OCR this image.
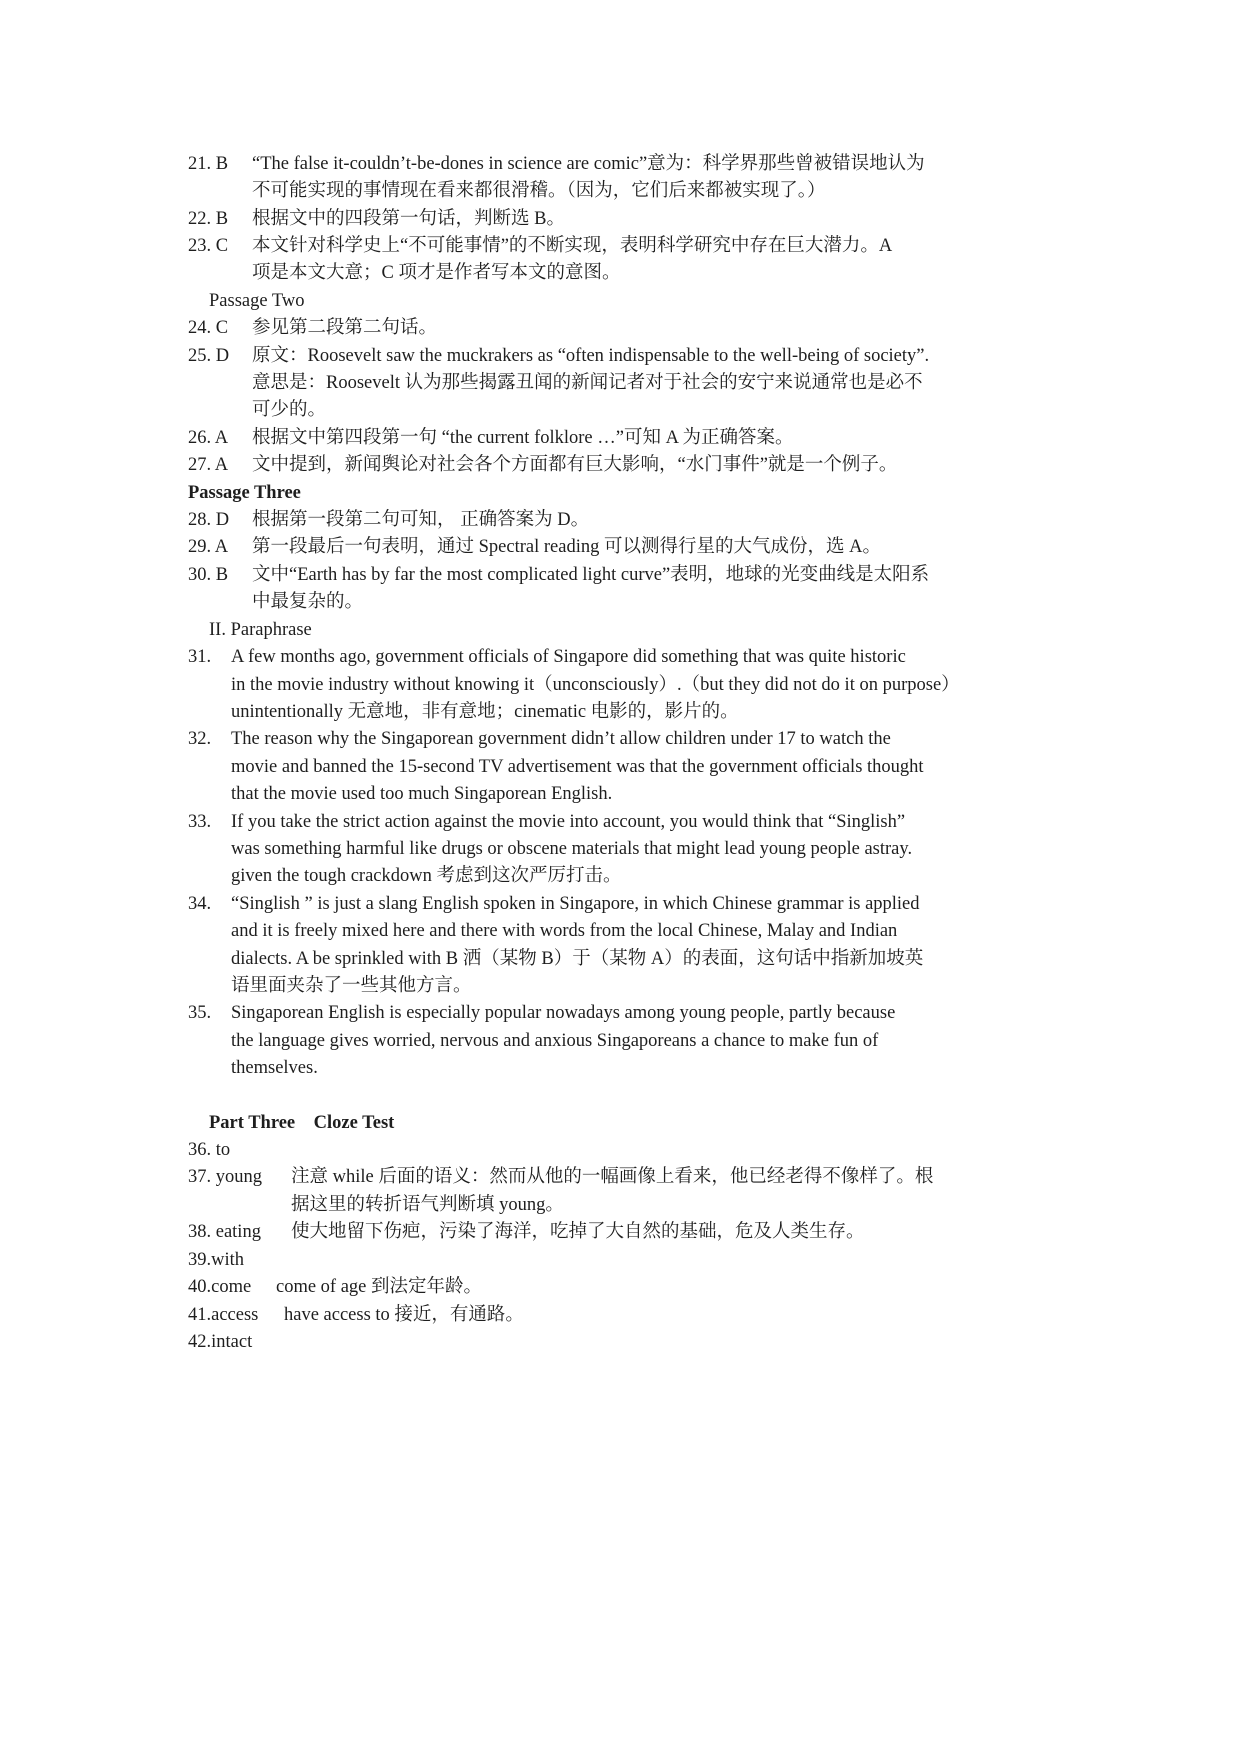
21. B “The false it-couldn’t-be-dones in science are comic”意为：科学界那些曾被错误地认为
不可能实现的事情现在看来都很滑稽。（因为，它们后来都被实现了。）
22. B 根据文中的四段第一句话，判断选 B。
23. C 本文针对科学史上“不可能事情”的不断实现，表明科学研究中存在巨大潜力。A
项是本文大意；C 项才是作者写本文的意图。
Passage Two
24. C 参见第二段第二句话。
25. D 原文：Roosevelt saw the muckrakers as “often indispensable to the well-being of society”.
意思是：Roosevelt 认为那些揭露丑闻的新闻记者对于社会的安宁来说通常也是必不
可少的。
26. A 根据文中第四段第一句 “the current folklore …”可知 A 为正确答案。
27. A 文中提到，新闻舆论对社会各个方面都有巨大影响，“水门事件”就是一个例子。
Passage Three
28. D 根据第一段第二句可知， 正确答案为 D。
29. A 第一段最后一句表明，通过 Spectral reading 可以测得行星的大气成份，选 A。
30. B 文中“Earth has by far the most complicated light curve”表明，地球的光变曲线是太阳系
中最复杂的。
II. Paraphrase
31. A few months ago, government officials of Singapore did something that was quite historic
in the movie industry without knowing it（unconsciously）.（but they did not do it on purpose）
unintentionally 无意地，非有意地；cinematic 电影的，影片的。
32. The reason why the Singaporean government didn’t allow children under 17 to watch the
movie and banned the 15-second TV advertisement was that the government officials thought
that the movie used too much Singaporean English.
33. If you take the strict action against the movie into account, you would think that “Singlish”
was something harmful like drugs or obscene materials that might lead young people astray.
given the tough crackdown 考虑到这次严厉打击。
34. “Singlish ” is just a slang English spoken in Singapore, in which Chinese grammar is applied
and it is freely mixed here and there with words from the local Chinese, Malay and Indian
dialects. A be sprinkled with B 洒（某物 B）于（某物 A）的表面，这句话中指新加坡英
语里面夹杂了一些其他方言。
35. Singaporean English is especially popular nowadays among young people, partly because
the language gives worried, nervous and anxious Singaporeans a chance to make fun of
themselves.
Part Three    Cloze Test
36. to
37. young 注意 while 后面的语义：然而从他的一幅画像上看来，他已经老得不像样了。根
据这里的转折语气判断填 young。
38. eating 使大地留下伤疤，污染了海洋，吃掉了大自然的基础，危及人类生存。
39.with
40.come come of age 到法定年龄。
41.access have access to 接近，有通路。
42.intact
